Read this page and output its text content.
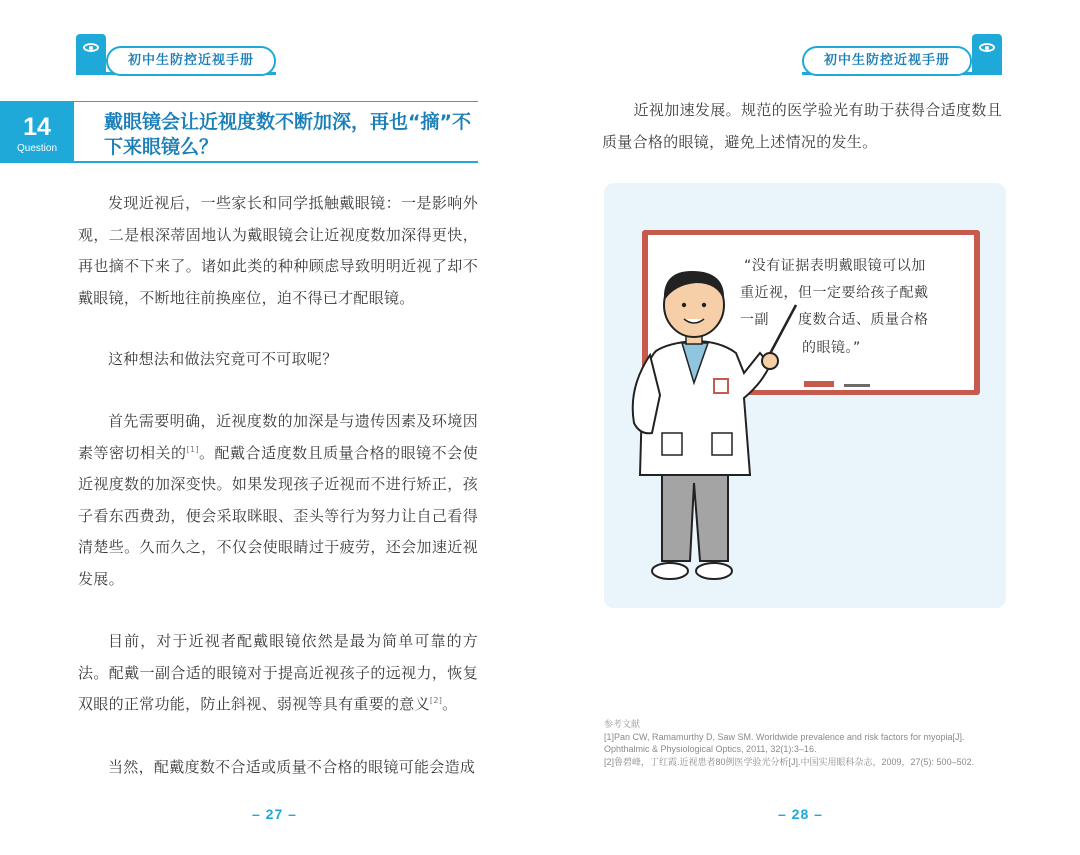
初中生防控近视手册
14
Question
戴眼镜会让近视度数不断加深，再也“摘”不下来眼镜么？

发现近视后，一些家长和同学抵触戴眼镜：一是影响外观，二是根深蒂固地认为戴眼镜会让近视度数加深得更快，再也摘不下来了。诸如此类的种种顾虑导致明明近视了却不戴眼镜，不断地往前换座位，迫不得已才配眼镜。

这种想法和做法究竟可不可取呢？

首先需要明确，近视度数的加深是与遗传因素及环境因素等密切相关的[1]。配戴合适度数且质量合格的眼镜不会使近视度数的加深变快。如果发现孩子近视而不进行矫正，孩子看东西费劲，便会采取眯眼、歪头等行为努力让自己看得清楚些。久而久之，不仅会使眼睛过于疲劳，还会加速近视发展。

目前，对于近视者配戴眼镜依然是最为简单可靠的方法。配戴一副合适的眼镜对于提高近视孩子的远视力，恢复双眼的正常功能，防止斜视、弱视等具有重要的意义[2]。

当然，配戴度数不合适或质量不合格的眼镜可能会造成

– 27 –
初中生防控近视手册

近视加速发展。规范的医学验光有助于获得合适度数且质量合格的眼镜，避免上述情况的发生。

“没有证据表明戴眼镜可以加
重近视，但一定要给孩子配戴
一副　　度数合适、质量合格
的眼镜。”
参考文献
[1]Pan CW, Ramamurthy D, Saw SM. Worldwide prevalence and risk factors for myopia[J]. Ophthalmic & Physiological Optics, 2011, 32(1):3–16.
[2]鲁碧峰，丁红霞.近视患者80例医学验光分析[J].中国实用眼科杂志，2009，27(5): 500–502.
– 28 –
